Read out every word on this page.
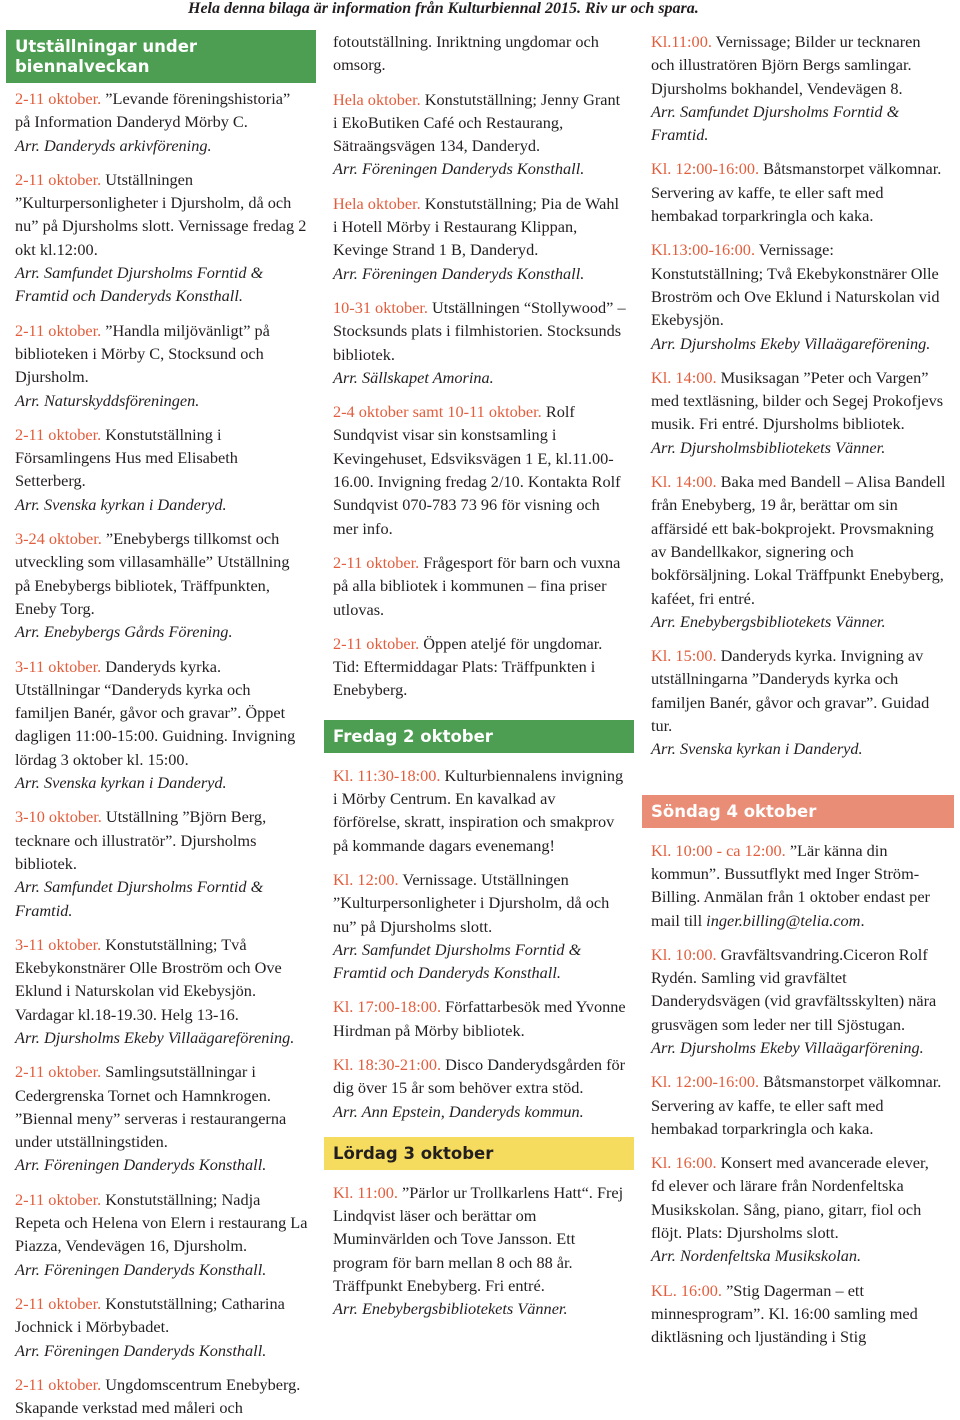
Hela denna bilaga är information från Kulturbiennal 2015. Riv ur och spara.
Utställningar under biennalveckan
2-11 oktober. ”Levande föreningshistoria” på Information Danderyd Mörby C.
Arr. Danderyds arkivförening.
2-11 oktober. Utställningen ”Kulturpersonligheter i Djursholm, då och nu” på Djursholms slott. Vernissage fredag 2 okt kl.12:00.
Arr. Samfundet Djursholms Forntid & Framtid och Danderyds Konsthall.
2-11 oktober. ”Handla miljövänligt” på biblioteken i Mörby C, Stocksund och Djursholm.
Arr. Naturskyddsföreningen.
2-11 oktober. Konstutställning i Församlingens Hus med Elisabeth Setterberg.
Arr. Svenska kyrkan i Danderyd.
3-24 oktober. ”Enebybergs tillkomst och utveckling som villasamhälle” Utställning på Enebybergs bibliotek, Träffpunkten, Eneby Torg.
Arr. Enebybergs Gårds Förening.
3-11 oktober. Danderyds kyrka. Utställningar “Danderyds kyrka och familjen Banér, gåvor och gravar”. Öppet dagligen 11:00-15:00. Guidning. Invigning lördag 3 oktober kl. 15:00.
Arr. Svenska kyrkan i Danderyd.
3-10 oktober. Utställning ”Björn Berg, tecknare och illustratör”. Djursholms bibliotek.
Arr. Samfundet Djursholms Forntid & Framtid.
3-11 oktober. Konstutställning; Två Ekebykonstnärer Olle Broström och Ove Eklund i Naturskolan vid Ekebysjön. Vardagar kl.18-19.30. Helg 13-16.
Arr. Djursholms Ekeby Villaägareförening.
2-11 oktober. Samlingsutställningar i Cedergrenska Tornet och Hamnkrogen. ”Biennal meny” serveras i restaurangerna under utställningstiden.
Arr. Föreningen Danderyds Konsthall.
2-11 oktober. Konstutställning; Nadja Repeta och Helena von Elern i restaurang La Piazza, Vendevägen 16, Djursholm.
Arr. Föreningen Danderyds Konsthall.
2-11 oktober. Konstutställning; Catharina Jochnick i Mörbybadet.
Arr. Föreningen Danderyds Konsthall.
2-11 oktober. Ungdomscentrum Enebyberg. Skapande verkstad med måleri och
fotoutställning. Inriktning ungdomar och omsorg.
Hela oktober. Konstutställning; Jenny Grant i EkoButiken Café och Restaurang, Sätraängsvägen 134, Danderyd.
Arr. Föreningen Danderyds Konsthall.
Hela oktober. Konstutställning; Pia de Wahl i Hotell Mörby i Restaurang Klippan, Kevinge Strand 1 B, Danderyd.
Arr. Föreningen Danderyds Konsthall.
10-31 oktober. Utställningen “Stollywood” – Stocksunds plats i filmhistorien. Stocksunds bibliotek.
Arr. Sällskapet Amorina.
2-4 oktober samt 10-11 oktober. Rolf Sundqvist visar sin konstsamling i Kevingehuset, Edsviksvägen 1 E, kl.11.00-16.00. Invigning fredag 2/10. Kontakta Rolf Sundqvist 070-783 73 96 för visning och mer info.
2-11 oktober. Frågesport för barn och vuxna på alla bibliotek i kommunen – fina priser utlovas.
2-11 oktober. Öppen ateljé för ungdomar. Tid: Eftermiddagar Plats: Träffpunkten i Enebyberg.
Fredag 2 oktober
Kl. 11:30-18:00. Kulturbiennalens invigning i Mörby Centrum. En kavalkad av förförelse, skratt, inspiration och smakprov på kommande dagars evenemang!
Kl. 12:00. Vernissage. Utställningen ”Kulturpersonligheter i Djursholm, då och nu” på Djursholms slott.
Arr. Samfundet Djursholms Forntid & Framtid och Danderyds Konsthall.
Kl. 17:00-18:00. Författarbesök med Yvonne Hirdman på Mörby bibliotek.
Kl. 18:30-21:00. Disco Danderydsgården för dig över 15 år som behöver extra stöd.
Arr. Ann Epstein, Danderyds kommun.
Lördag 3 oktober
Kl. 11:00. ”Pärlor ur Trollkarlens Hatt“. Frej Lindqvist läser och berättar om Muminvärlden och Tove Jansson. Ett program för barn mellan 8 och 88 år. Träffpunkt Enebyberg. Fri entré.
Arr. Enebybergsbibliotekets Vänner.
Kl.11:00. Vernissage; Bilder ur tecknaren och illustratören Björn Bergs samlingar. Djursholms bokhandel, Vendevägen 8.
Arr. Samfundet Djursholms Forntid & Framtid.
Kl. 12:00-16:00. Båtsmanstorpet välkomnar. Servering av kaffe, te eller saft med hembakad torparkringla och kaka.
Kl.13:00-16:00. Vernissage: Konstutställning; Två Ekebykonstnärer Olle Broström och Ove Eklund i Naturskolan vid Ekebysjön.
Arr. Djursholms Ekeby Villaägareförening.
Kl. 14:00. Musiksagan ”Peter och Vargen” med textläsning, bilder och Segej Prokofjevs musik. Fri entré. Djursholms bibliotek.
Arr. Djursholmsbibliotekets Vänner.
Kl. 14:00. Baka med Bandell – Alisa Bandell från Enebyberg, 19 år, berättar om sin affärsidé ett bak-bokprojekt. Provsmakning av Bandellkakor, signering och bokförsäljning. Lokal Träffpunkt Enebyberg, kaféet, fri entré.
Arr. Enebybergsbibliotekets Vänner.
Kl. 15:00. Danderyds kyrka. Invigning av utställningarna ”Danderyds kyrka och familjen Banér, gåvor och gravar”. Guidad tur.
Arr. Svenska kyrkan i Danderyd.
Söndag 4 oktober
Kl. 10:00 - ca 12:00. ”Lär känna din kommun”. Bussutflykt med Inger Ström-Billing. Anmälan från 1 oktober endast per mail till inger.billing@telia.com.
Kl. 10:00. Gravfältsvandring.Ciceron Rolf Rydén. Samling vid gravfältet Danderydsvägen (vid gravfältsskylten) nära grusvägen som leder ner till Sjöstugan.
Arr. Djursholms Ekeby Villaägarförening.
Kl. 12:00-16:00. Båtsmanstorpet välkomnar. Servering av kaffe, te eller saft med hembakad torparkringla och kaka.
Kl. 16:00. Konsert med avancerade elever, fd elever och lärare från Nordenfeltska Musikskolan. Sång, piano, gitarr, fiol och flöjt. Plats: Djursholms slott.
Arr. Nordenfeltska Musikskolan.
KL. 16:00. ”Stig Dagerman – ett minnesprogram”. Kl. 16:00 samling med diktläsning och ljuständing i Stig
